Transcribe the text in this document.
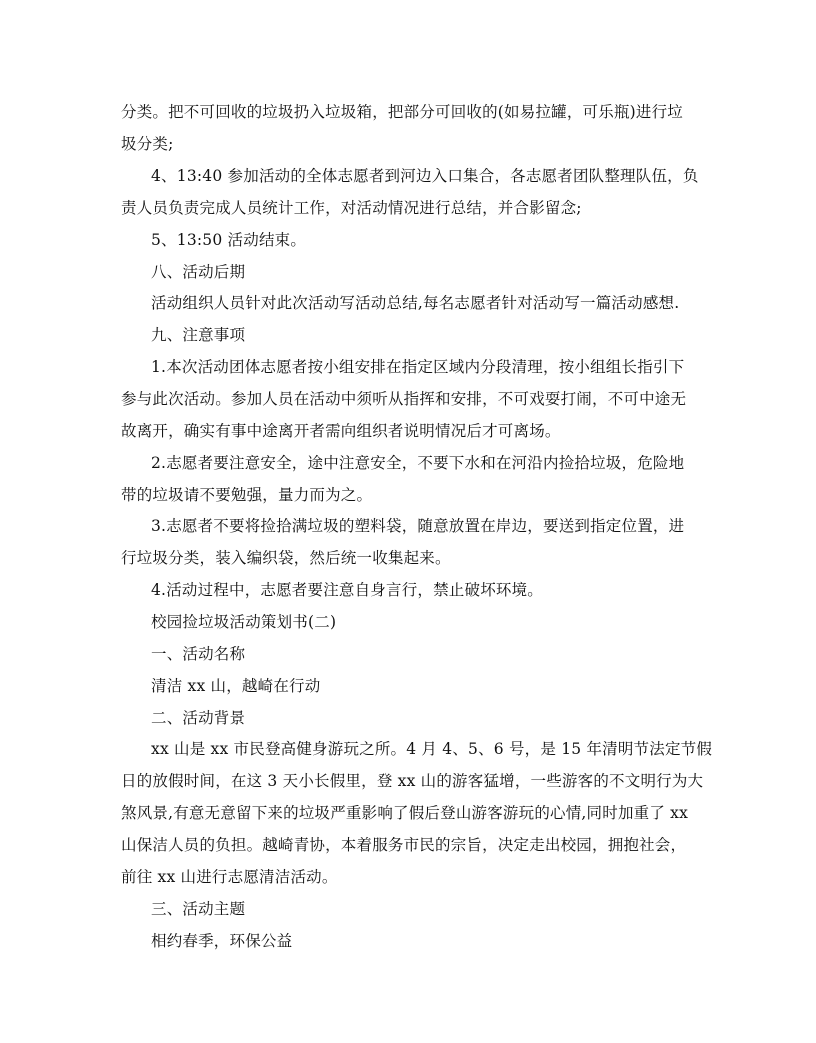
分类。把不可回收的垃圾扔入垃圾箱，把部分可回收的(如易拉罐，可乐瓶)进行垃
圾分类;
4、13:40 参加活动的全体志愿者到河边入口集合，各志愿者团队整理队伍，负
责人员负责完成人员统计工作，对活动情况进行总结，并合影留念;
5、13:50 活动结束。
八、活动后期
活动组织人员针对此次活动写活动总结,每名志愿者针对活动写一篇活动感想.
九、注意事项
1.本次活动团体志愿者按小组安排在指定区域内分段清理，按小组组长指引下
参与此次活动。参加人员在活动中须听从指挥和安排，不可戏耍打闹，不可中途无
故离开，确实有事中途离开者需向组织者说明情况后才可离场。
2.志愿者要注意安全，途中注意安全，不要下水和在河沿内捡拾垃圾，危险地
带的垃圾请不要勉强，量力而为之。
3.志愿者不要将捡拾满垃圾的塑料袋，随意放置在岸边，要送到指定位置，进
行垃圾分类，装入编织袋，然后统一收集起来。
4.活动过程中，志愿者要注意自身言行，禁止破坏环境。
校园捡垃圾活动策划书(二)
一、活动名称
清洁 xx 山，越崎在行动
二、活动背景
xx 山是 xx 市民登高健身游玩之所。4 月 4、5、6 号，是 15 年清明节法定节假
日的放假时间，在这 3 天小长假里，登 xx 山的游客猛增，一些游客的不文明行为大
煞风景,有意无意留下来的垃圾严重影响了假后登山游客游玩的心情,同时加重了 xx
山保洁人员的负担。越崎青协，本着服务市民的宗旨，决定走出校园，拥抱社会，
前往 xx 山进行志愿清洁活动。
三、活动主题
相约春季，环保公益
